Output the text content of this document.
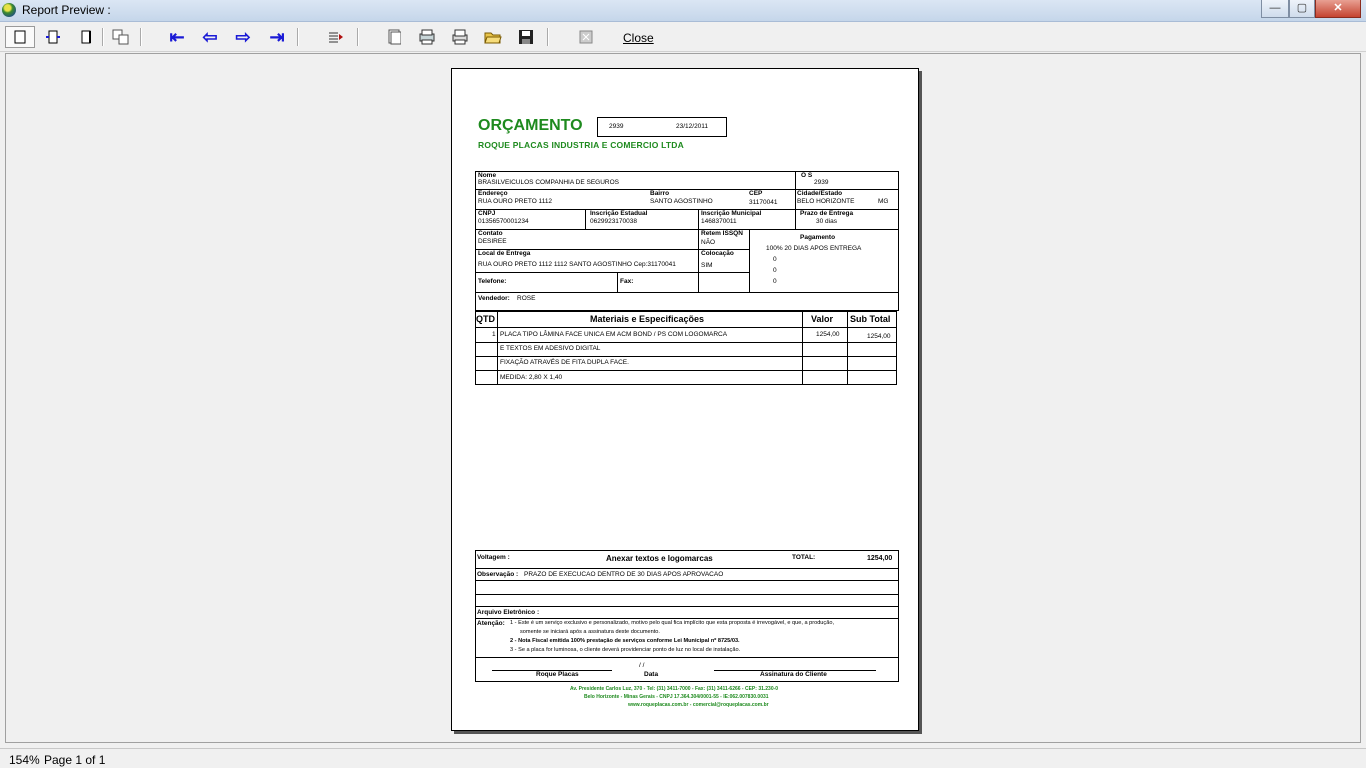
Report Preview :	—	▢	✕
⇤ ⇦ ⇨ ⇥	Close
ORÇAMENTO	2939	23/12/2011
ROQUE PLACAS INDUSTRIA E COMERCIO LTDA
Nome
BRASILVEICULOS COMPANHIA DE SEGUROS
O S
2939
Endereço
RUA OURO PRETO 1112
Bairro
SANTO AGOSTINHO
CEP
31170041
Cidade/Estado
BELO HORIZONTE	MG
CNPJ
01356570001234
Inscrição Estadual
0629923170038
Inscrição Municipal
1468370011
Prazo de Entrega
30 dias
Contato
DESIREE
Retem ISSQN
NÃO
Pagamento
100% 20 DIAS APOS ENTREGA
0
0
0
Local de Entrega
RUA OURO PRETO 1112 1112 SANTO AGOSTINHO Cep:31170041
Colocação
SIM
Telefone:	Fax:
Vendedor: ROSE
QTD	Materiais e Especificações	Valor Sub Total
1 PLACA TIPO LÂMINA FACE UNICA EM ACM BOND / PS COM LOGOMARCA	1254,00	1254,00
E TEXTOS EM ADESIVO DIGITAL
FIXAÇÃO ATRAVÉS DE FITA DUPLA FACE.
MEDIDA: 2,80 X 1,40
Voltagem :	Anexar textos e logomarcas	TOTAL:	1254,00
Observação : PRAZO DE EXECUCAO DENTRO DE 30 DIAS APOS APROVACAO
Arquivo Eletrônico :
Atenção: 1 - Este é um serviço exclusivo e personalizado, motivo pelo qual fica implícito que esta proposta é irrevogável, e que, a produção,
somente se iniciará após a assinatura deste documento.
2 - Nota Fiscal emitida 100% prestação de serviços conforme Lei Municipal nº 8725/03.
3 - Se a placa for luminosa, o cliente deverá providenciar ponto de luz no local de instalação.
/ /
Roque Placas	Data	Assinatura do Cliente
Av. Presidente Carlos Luz, 370 - Tel: (31) 3411-7000 - Fax: (31) 3411-6266 - CEP: 31.230-0
Belo Horizonte - Minas Gerais - CNPJ 17.364.304/0001-55 - IE:062.007830.0031
www.roqueplacas.com.br - comercial@roqueplacas.com.br
154% Page 1 of 1
